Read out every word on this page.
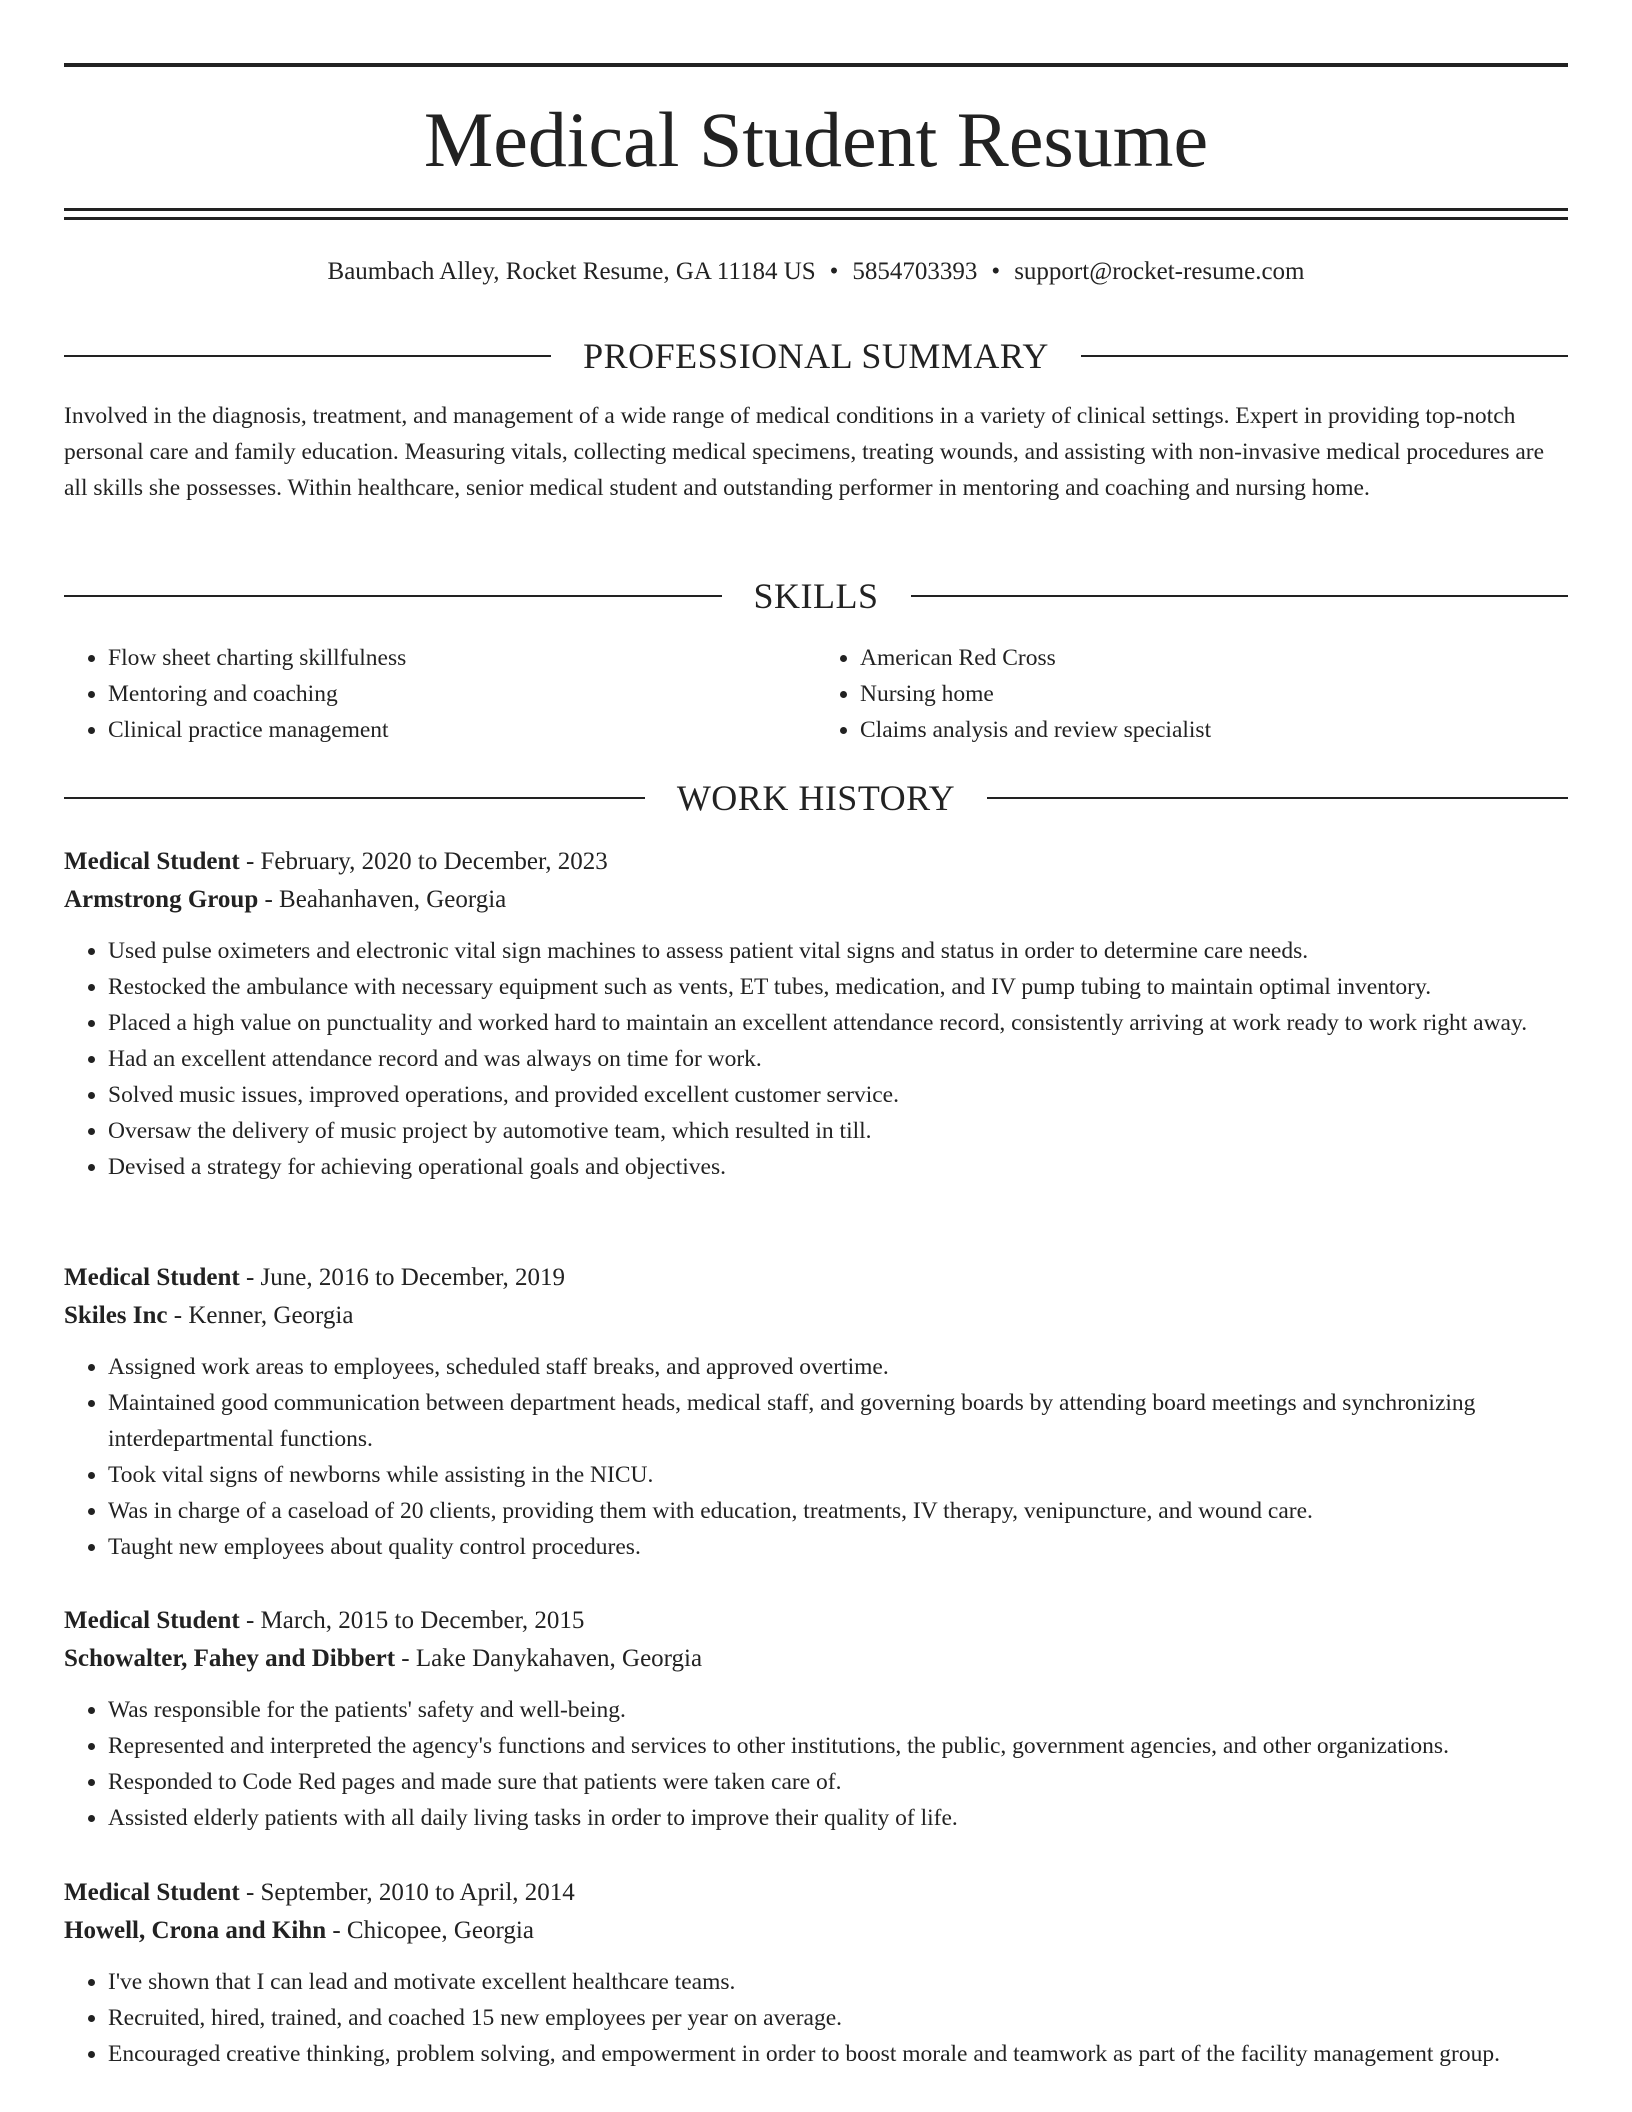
Medical Student Resume
Baumbach Alley, Rocket Resume, GA 11184 US • 5854703393 • support@rocket-resume.com
PROFESSIONAL SUMMARY

Involved in the diagnosis, treatment, and management of a wide range of medical conditions in a variety of clinical settings. Expert in providing top-notch personal care and family education. Measuring vitals, collecting medical specimens, treating wounds, and assisting with non-invasive medical procedures are all skills she possesses. Within healthcare, senior medical student and outstanding performer in mentoring and coaching and nursing home.

SKILLS
• Flow sheet charting skillfulness
• Mentoring and coaching
• Clinical practice management
• American Red Cross
• Nursing home
• Claims analysis and review specialist
WORK HISTORY
Medical Student - February, 2020 to December, 2023
Armstrong Group - Beahanhaven, Georgia
• Used pulse oximeters and electronic vital sign machines to assess patient vital signs and status in order to determine care needs.
• Restocked the ambulance with necessary equipment such as vents, ET tubes, medication, and IV pump tubing to maintain optimal inventory.
• Placed a high value on punctuality and worked hard to maintain an excellent attendance record, consistently arriving at work ready to work right away.
• Had an excellent attendance record and was always on time for work.
• Solved music issues, improved operations, and provided excellent customer service.
• Oversaw the delivery of music project by automotive team, which resulted in till.
• Devised a strategy for achieving operational goals and objectives.
Medical Student - June, 2016 to December, 2019
Skiles Inc - Kenner, Georgia
• Assigned work areas to employees, scheduled staff breaks, and approved overtime.
• Maintained good communication between department heads, medical staff, and governing boards by attending board meetings and synchronizing interdepartmental functions.
• Took vital signs of newborns while assisting in the NICU.
• Was in charge of a caseload of 20 clients, providing them with education, treatments, IV therapy, venipuncture, and wound care.
• Taught new employees about quality control procedures.
Medical Student - March, 2015 to December, 2015
Schowalter, Fahey and Dibbert - Lake Danykahaven, Georgia
• Was responsible for the patients' safety and well-being.
• Represented and interpreted the agency's functions and services to other institutions, the public, government agencies, and other organizations.
• Responded to Code Red pages and made sure that patients were taken care of.
• Assisted elderly patients with all daily living tasks in order to improve their quality of life.
Medical Student - September, 2010 to April, 2014
Howell, Crona and Kihn - Chicopee, Georgia
• I've shown that I can lead and motivate excellent healthcare teams.
• Recruited, hired, trained, and coached 15 new employees per year on average.
• Encouraged creative thinking, problem solving, and empowerment in order to boost morale and teamwork as part of the facility management group.
